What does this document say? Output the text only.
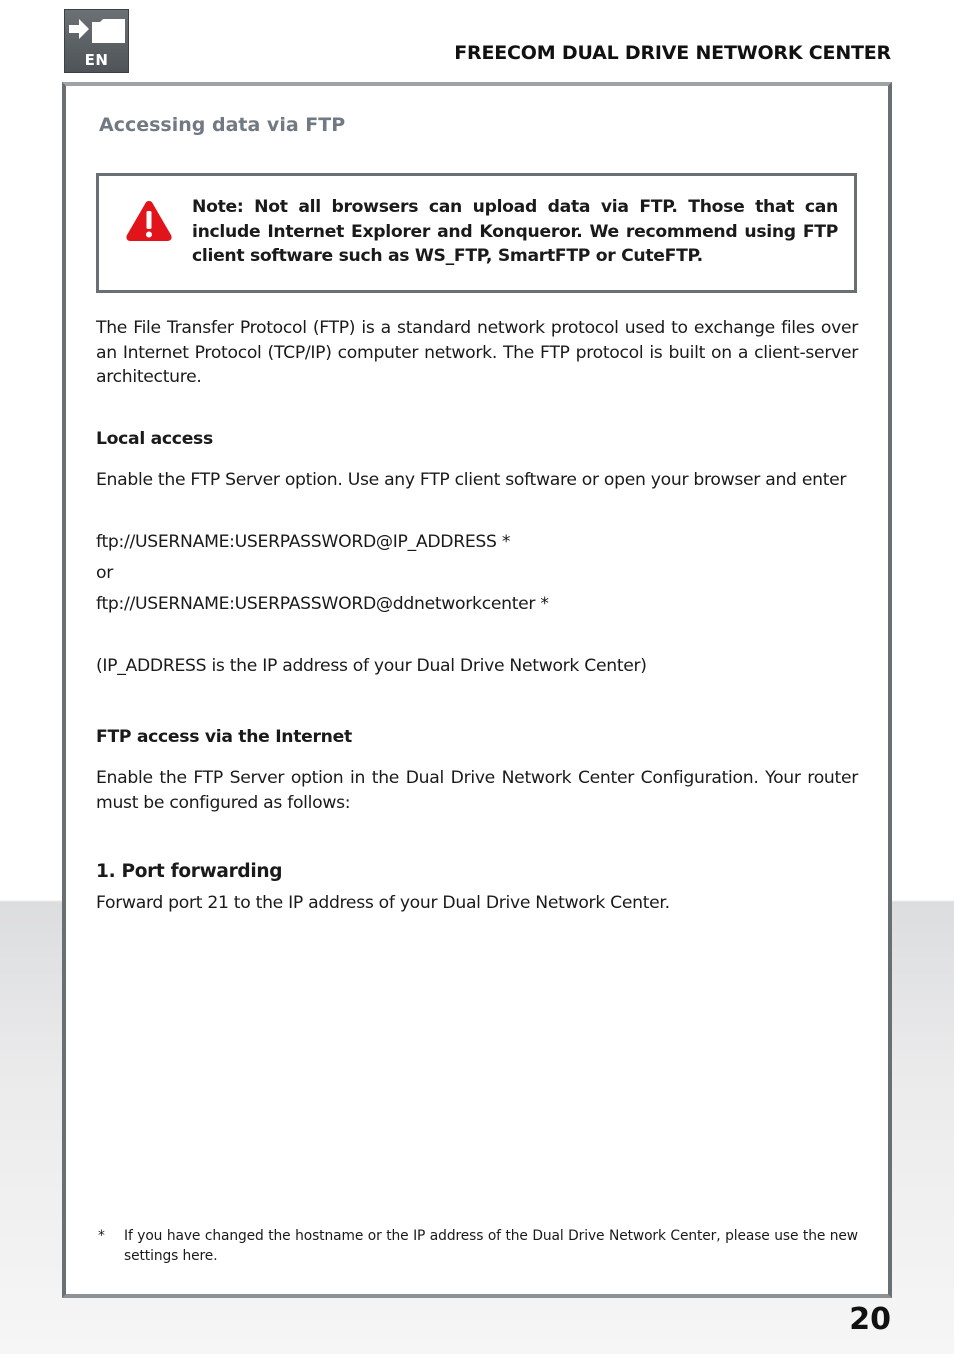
EN	FREECOM DUAL DRIVE NETWORK CENTER
Accessing data via FTP
Note: Not all browsers can upload data via FTP. Those that can include Internet Explorer and Konqueror. We recommend using FTP client software such as WS_FTP, SmartFTP or CuteFTP.
The File Transfer Protocol (FTP) is a standard network protocol used to exchange files over an Internet Protocol (TCP/IP) computer network. The FTP protocol is built on a client-server architecture.
Local access
Enable the FTP Server option. Use any FTP client software or open your browser and enter
ftp://USERNAME:USERPASSWORD@IP_ADDRESS *
or
ftp://USERNAME:USERPASSWORD@ddnetworkcenter *
(IP_ADDRESS is the IP address of your Dual Drive Network Center)
FTP access via the Internet
Enable the FTP Server option in the Dual Drive Network Center Configuration. Your router must be configured as follows:
1. Port forwarding
Forward port 21 to the IP address of your Dual Drive Network Center.
* If you have changed the hostname or the IP address of the Dual Drive Network Center, please use the new settings here.
20
